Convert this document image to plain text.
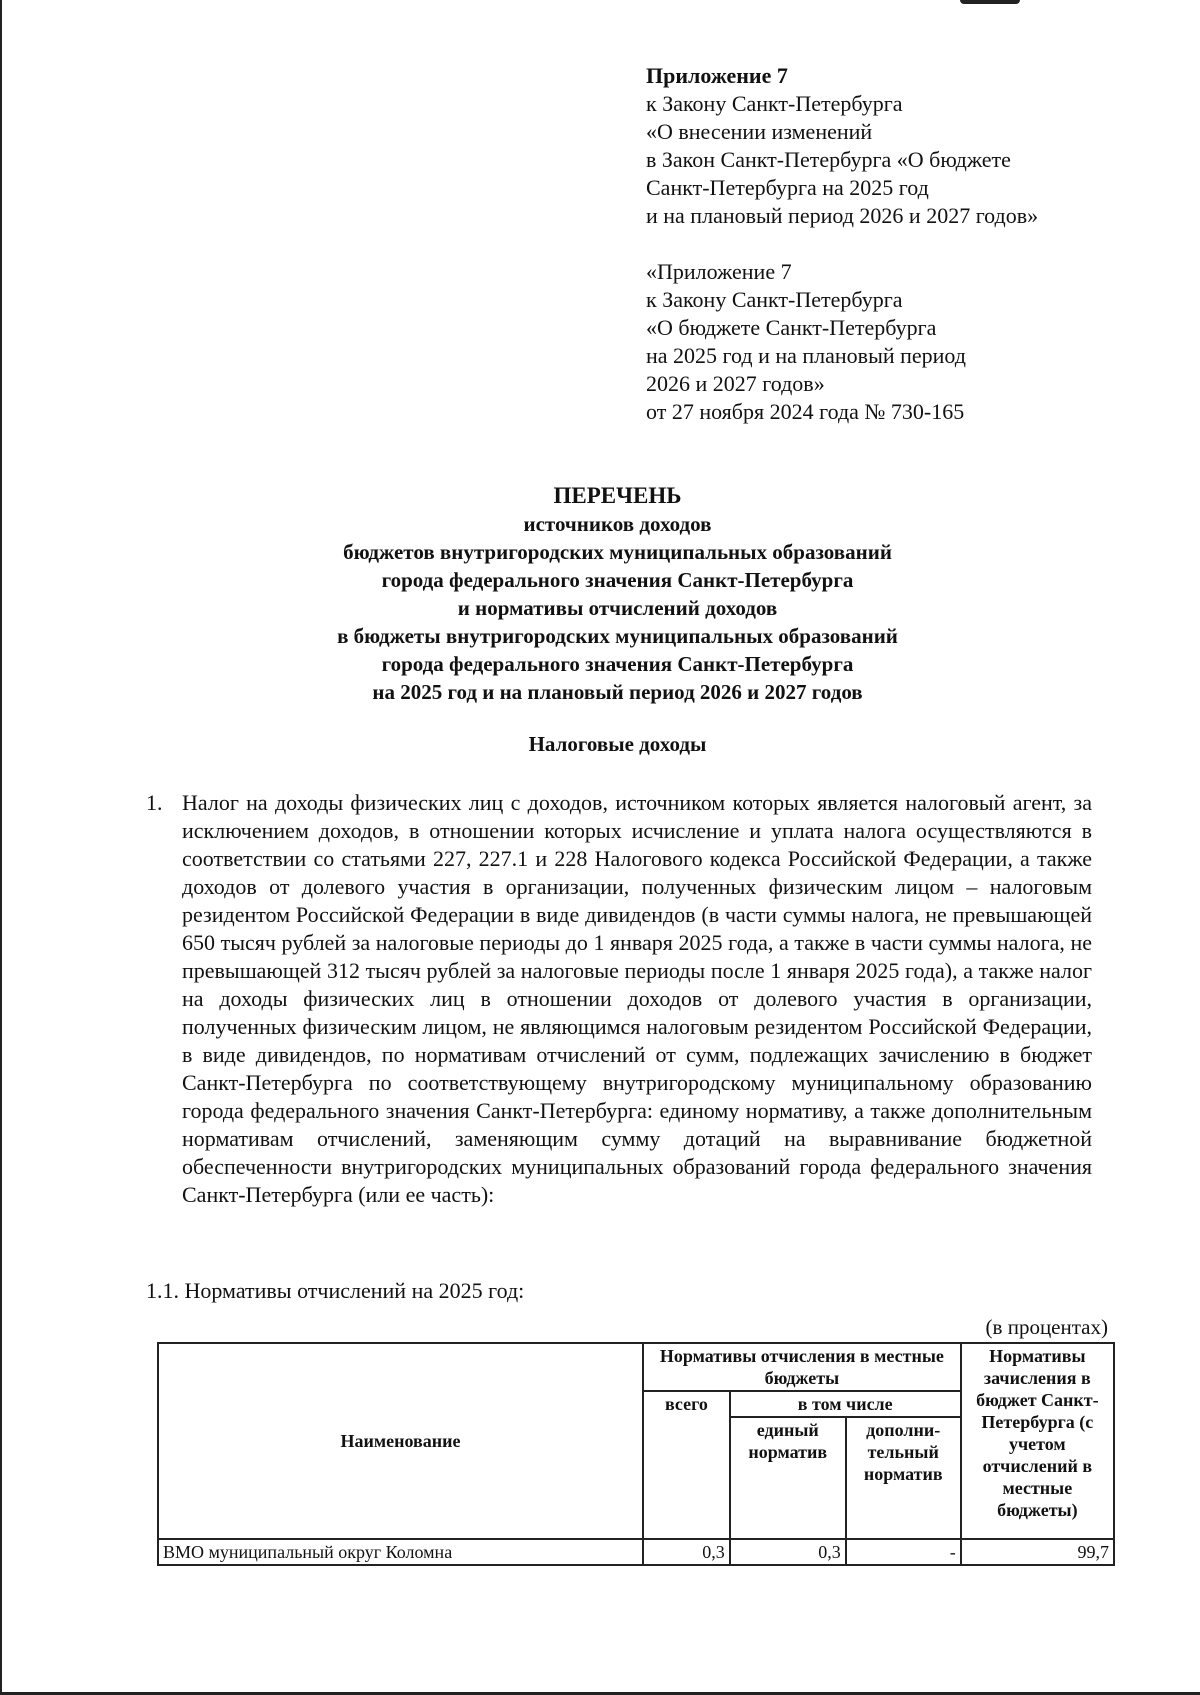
Приложение 7
к Закону Санкт-Петербурга
«О внесении изменений
в Закон Санкт-Петербурга «О бюджете
Санкт-Петербурга на 2025 год
и на плановый период 2026 и 2027 годов»
«Приложение 7
к Закону Санкт-Петербурга
«О бюджете Санкт-Петербурга
на 2025 год и на плановый период
2026 и 2027 годов»
от 27 ноября 2024 года № 730-165
ПЕРЕЧЕНЬ
источников доходов
бюджетов внутригородских муниципальных образований
города федерального значения Санкт-Петербурга
и нормативы отчислений доходов
в бюджеты внутригородских муниципальных образований
города федерального значения Санкт-Петербурга
на 2025 год и на плановый период 2026 и 2027 годов
Налоговые доходы
1. Налог на доходы физических лиц с доходов, источником которых является налоговый агент, за исключением доходов, в отношении которых исчисление и уплата налога осуществляются в соответствии со статьями 227, 227.1 и 228 Налогового кодекса Российской Федерации, а также доходов от долевого участия в организации, полученных физическим лицом – налоговым резидентом Российской Федерации в виде дивидендов (в части суммы налога, не превышающей 650 тысяч рублей за налоговые периоды до 1 января 2025 года, а также в части суммы налога, не превышающей 312 тысяч рублей за налоговые периоды после 1 января 2025 года), а также налог на доходы физических лиц в отношении доходов от долевого участия в организации, полученных физическим лицом, не являющимся налоговым резидентом Российской Федерации, в виде дивидендов, по нормативам отчислений от сумм, подлежащих зачислению в бюджет Санкт-Петербурга по соответствующему внутригородскому муниципальному образованию города федерального значения Санкт-Петербурга: единому нормативу, а также дополнительным нормативам отчислений, заменяющим сумму дотаций на выравнивание бюджетной обеспеченности внутригородских муниципальных образований города федерального значения Санкт-Петербурга (или ее часть):
1.1. Нормативы отчислений на 2025 год:
(в процентах)
Наименование	Нормативы отчисления в местные бюджеты			Нормативы зачисления в бюджет Санкт-Петербурга (с учетом отчислений в местные бюджеты)
	всего	в том числе		
		единый норматив	дополни-тельный норматив	
ВМО муниципальный округ Коломна	0,3	0,3	-	99,7
